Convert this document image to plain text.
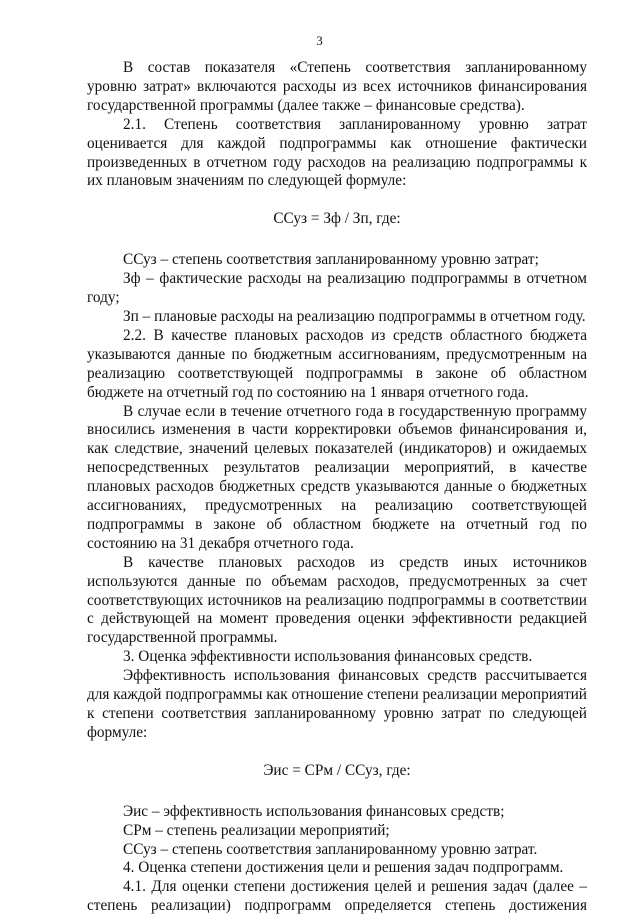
3

В состав показателя «Степень соответствия запланированному уровню затрат» включаются расходы из всех источников финансирования государственной программы (далее также – финансовые средства).

2.1. Степень соответствия запланированному уровню затрат оценивается для каждой подпрограммы как отношение фактически произведенных в отчетном году расходов на реализацию подпрограммы к их плановым значениям по следующей формуле:

ССуз = Зф / Зп, где:

ССуз – степень соответствия запланированному уровню затрат;

Зф – фактические расходы на реализацию подпрограммы в отчетном году;

Зп – плановые расходы на реализацию подпрограммы в отчетном году.

2.2. В качестве плановых расходов из средств областного бюджета указываются данные по бюджетным ассигнованиям, предусмотренным на реализацию соответствующей подпрограммы в законе об областном бюджете на отчетный год по состоянию на 1 января отчетного года.

В случае если в течение отчетного года в государственную программу вносились изменения в части корректировки объемов финансирования и, как следствие, значений целевых показателей (индикаторов) и ожидаемых непосредственных результатов реализации мероприятий, в качестве плановых расходов бюджетных средств указываются данные о бюджетных ассигнованиях, предусмотренных на реализацию соответствующей подпрограммы в законе об областном бюджете на отчетный год по состоянию на 31 декабря отчетного года.

В качестве плановых расходов из средств иных источников используются данные по объемам расходов, предусмотренных за счет соответствующих источников на реализацию подпрограммы в соответствии с действующей на момент проведения оценки эффективности редакцией государственной программы.

3. Оценка эффективности использования финансовых средств.

Эффективность использования финансовых средств рассчитывается для каждой подпрограммы как отношение степени реализации мероприятий к степени соответствия запланированному уровню затрат по следующей формуле:

Эис = СРм / ССуз, где:

Эис – эффективность использования финансовых средств;

СРм – степень реализации мероприятий;

ССуз – степень соответствия запланированному уровню затрат.

4. Оценка степени достижения цели и решения задач подпрограмм.

4.1. Для оценки степени достижения целей и решения задач (далее – степень реализации) подпрограмм определяется степень достижения
